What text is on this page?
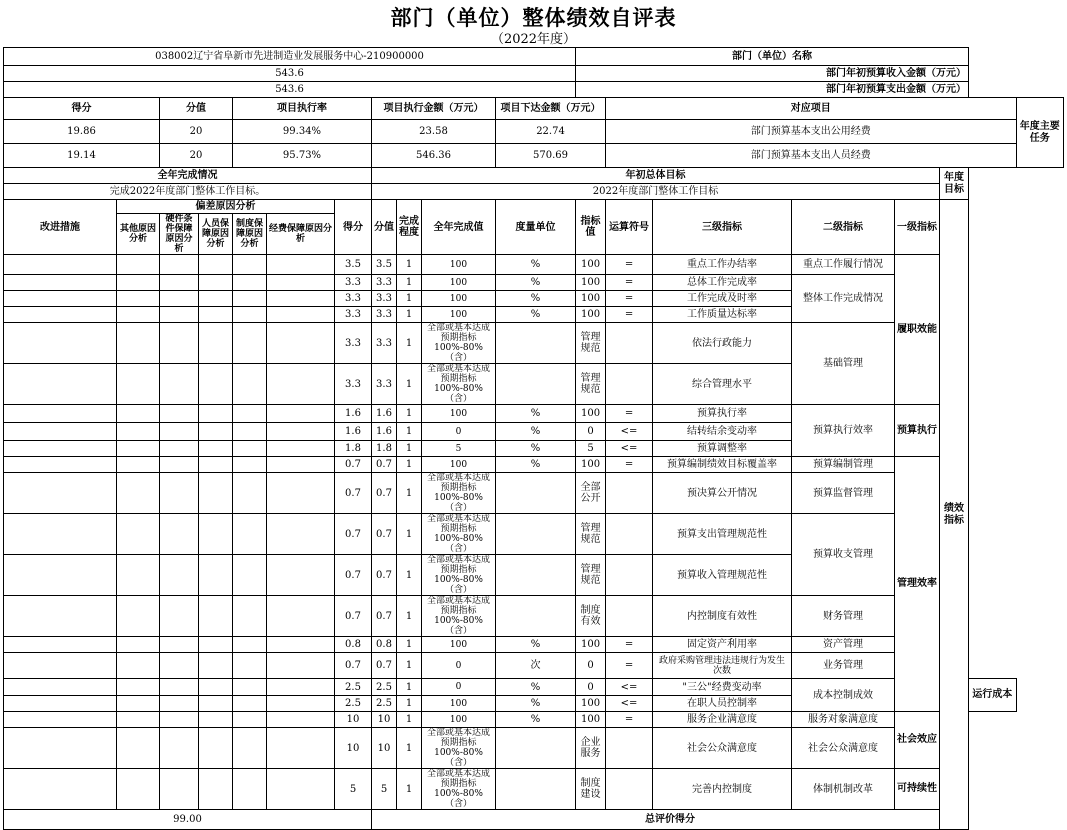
部门（单位）整体绩效自评表
（2022年度）
038002辽宁省阜新市先进制造业发展服务中心-210900000											部门（单位）名称							
543.6											部门年初预算收入金额（万元）							
543.6											部门年初预算支出金额（万元）							
得分		分值		项目执行率			项目执行金额（万元）			项目下达金额（万元）		对应项目						年度主要任务
19.86		20		99.34%			23.58			22.74		部门预算基本支出公用经费						
19.14		20		95.73%			546.36			570.69		部门预算基本支出人员经费						
全年完成情况							年初总体目标									年度目标		
完成2022年度部门整体工作目标。							2022年度部门整体工作目标											
改进措施	偏差原因分析					得分	分值	完成程度	全年完成值	度量单位	指标值	运算符号	三级指标	二级指标	一级指标	绩效指标		
	其他原因分析	硬件条件保障原因分析	人员保障原因分析	制度保障原因分析	经费保障原因分析													
						3.5	3.5	1	100	%	100	=	重点工作办结率	重点工作履行情况	履职效能			
						3.3	3.3	1	100	%	100	=	总体工作完成率	整体工作完成情况				
						3.3	3.3	1	100	%	100	=	工作完成及时率					
						3.3	3.3	1	100	%	100	=	工作质量达标率					
						3.3	3.3	1	全部或基本达成预期指标100%-80%（含）		管理规范		依法行政能力	基础管理				
						3.3	3.3	1	全部或基本达成预期指标100%-80%（含）		管理规范		综合管理水平					
						1.6	1.6	1	100	%	100	=	预算执行率	预算执行效率	预算执行			
						1.6	1.6	1	0	%	0	<=	结转结余变动率					
						1.8	1.8	1	5	%	5	<=	预算调整率					
						0.7	0.7	1	100	%	100	=	预算编制绩效目标覆盖率	预算编制管理	管理效率			
						0.7	0.7	1	全部或基本达成预期指标100%-80%（含）		全部公开		预决算公开情况	预算监督管理				
						0.7	0.7	1	全部或基本达成预期指标100%-80%（含）		管理规范		预算支出管理规范性	预算收支管理				
						0.7	0.7	1	全部或基本达成预期指标100%-80%（含）		管理规范		预算收入管理规范性					
						0.7	0.7	1	全部或基本达成预期指标100%-80%（含）		制度有效		内控制度有效性	财务管理				
						0.8	0.8	1	100	%	100	=	固定资产利用率	资产管理				
						0.7	0.7	1	0	次	0	=	政府采购管理违法违规行为发生次数	业务管理				
						2.5	2.5	1	0	%	0	<=	"三公"经费变动率	成本控制成效			运行成本	
						2.5	2.5	1	100	%	100	<=	在职人员控制率					
						10	10	1	100	%	100	=	服务企业满意度	服务对象满意度	社会效应			
						10	10	1	全部或基本达成预期指标100%-80%（含）		企业服务		社会公众满意度	社会公众满意度				
						5	5	1	全部或基本达成预期指标100%-80%（含）		制度建设		完善内控制度	体制机制改革	可持续性			
99.00							总评价得分											
